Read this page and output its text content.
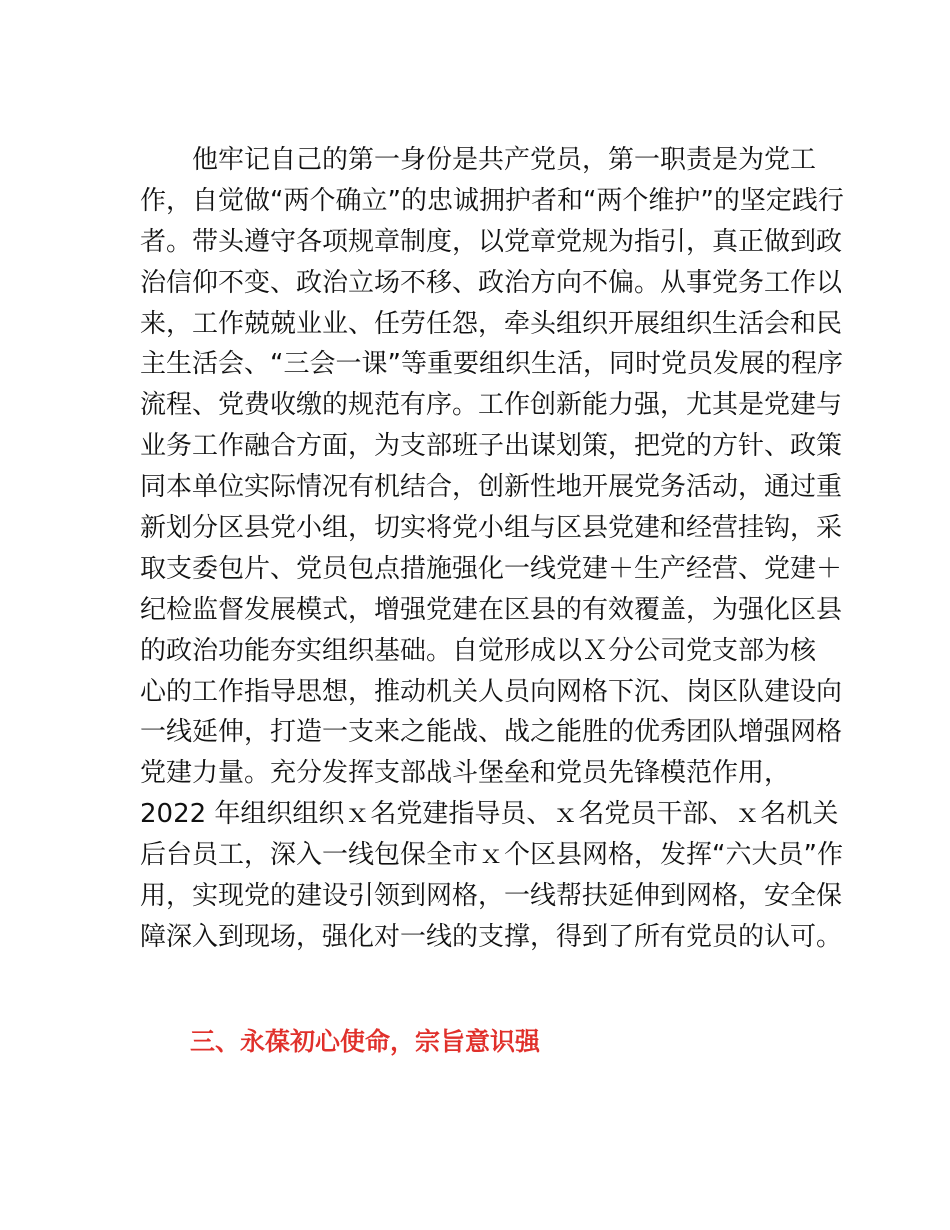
他牢记自己的第一身份是共产党员，第一职责是为党工
作，自觉做“两个确立”的忠诚拥护者和“两个维护”的坚定践行
者。带头遵守各项规章制度，以党章党规为指引，真正做到政
治信仰不变、政治立场不移、政治方向不偏。从事党务工作以
来，工作兢兢业业、任劳任怨，牵头组织开展组织生活会和民
主生活会、“三会一课”等重要组织生活，同时党员发展的程序
流程、党费收缴的规范有序。工作创新能力强，尤其是党建与
业务工作融合方面，为支部班子出谋划策，把党的方针、政策
同本单位实际情况有机结合，创新性地开展党务活动，通过重
新划分区县党小组，切实将党小组与区县党建和经营挂钩，采
取支委包片、党员包点措施强化一线党建＋生产经营、党建＋
纪检监督发展模式，增强党建在区县的有效覆盖，为强化区县
的政治功能夯实组织基础。自觉形成以Ｘ分公司党支部为核
心的工作指导思想，推动机关人员向网格下沉、岗区队建设向
一线延伸，打造一支来之能战、战之能胜的优秀团队增强网格
党建力量。充分发挥支部战斗堡垒和党员先锋模范作用，
2022 年组织组织ｘ名党建指导员、ｘ名党员干部、ｘ名机关
后台员工，深入一线包保全市ｘ个区县网格，发挥“六大员”作
用，实现党的建设引领到网格，一线帮扶延伸到网格，安全保
障深入到现场，强化对一线的支撑，得到了所有党员的认可。
三、永葆初心使命，宗旨意识强
